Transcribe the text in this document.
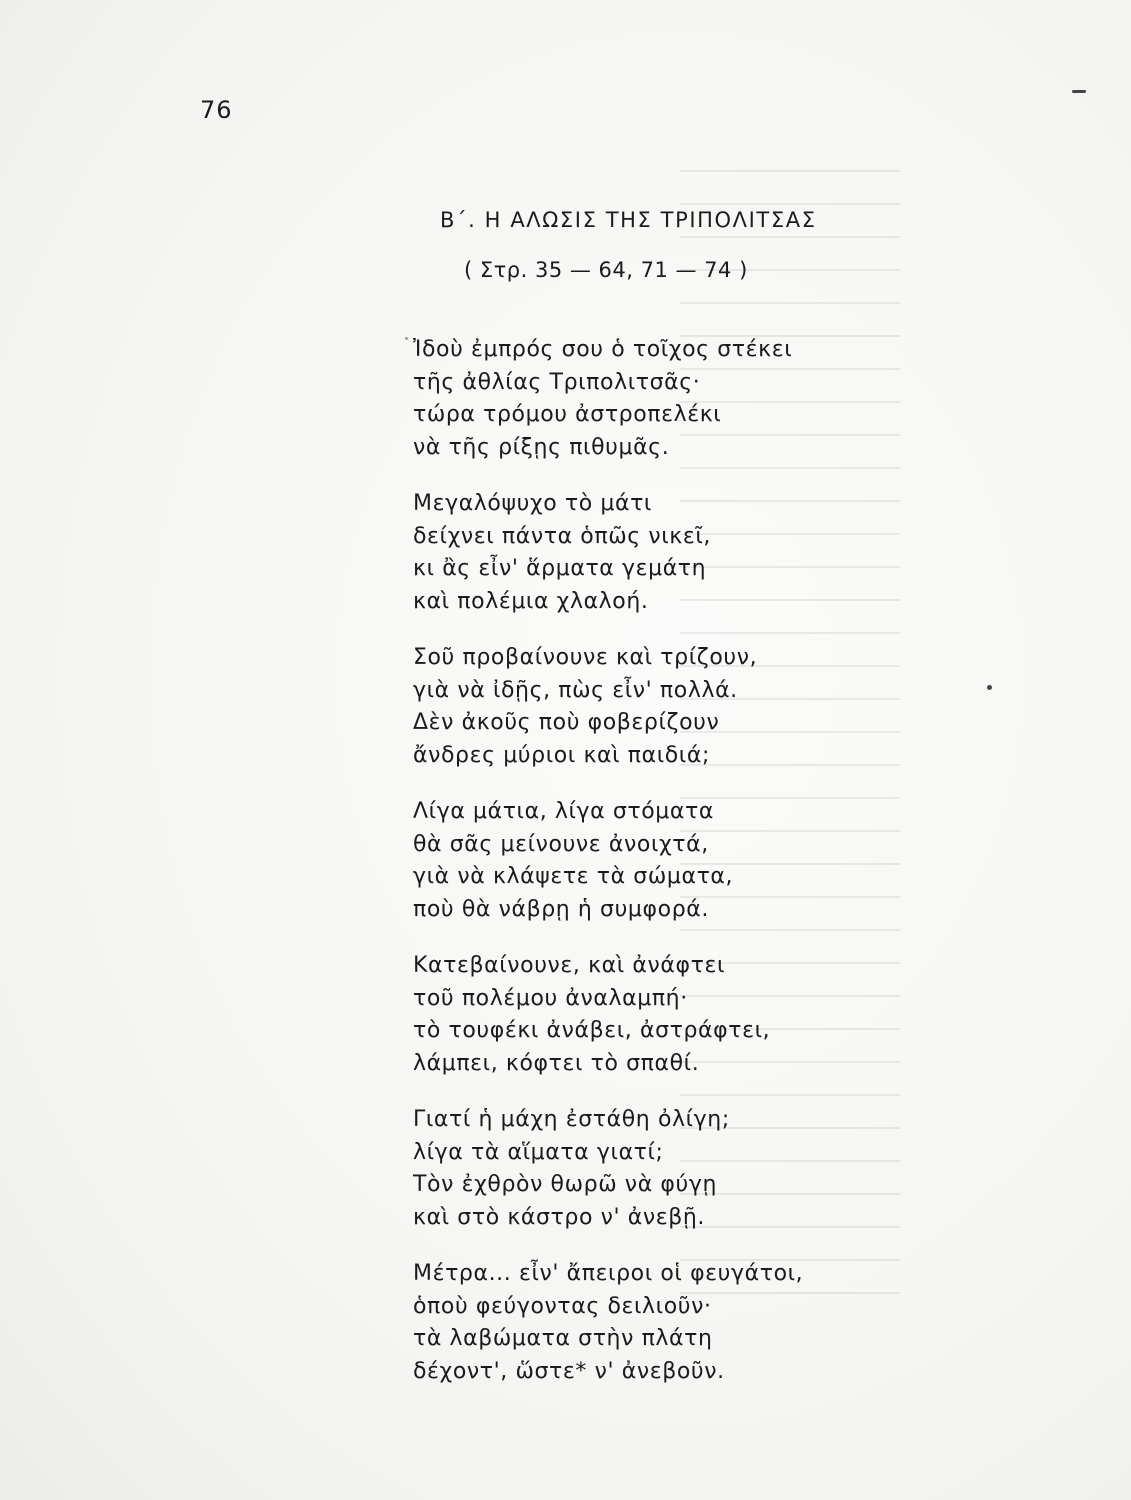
76
Β΄. Η ΑΛΩΣΙΣ ΤΗΣ ΤΡΙΠΟΛΙΤΣΑΣ
( Στρ. 35 — 64, 71 — 74 )
Ἰδοὺ ἐμπρός σου ὁ τοῖχος στέκει
τῆς ἀθλίας Τριπολιτσᾶς·
τώρα τρόμου ἀστροπελέκι
νὰ τῆς ρίξῃς πιθυμᾶς.
Μεγαλόψυχο τὸ μάτι
δείχνει πάντα ὁπῶς νικεῖ,
κι ἂς εἶν' ἅρματα γεμάτη
καὶ πολέμια χλαλοή.
Σοῦ προβαίνουνε καὶ τρίζουν,
γιὰ νὰ ἰδῇς, πὼς εἶν' πολλά.
Δὲν ἀκοῦς ποὺ φοβερίζουν
ἄνδρες μύριοι καὶ παιδιά;
Λίγα μάτια, λίγα στόματα
θὰ σᾶς μείνουνε ἀνοιχτά,
γιὰ νὰ κλάψετε τὰ σώματα,
ποὺ θὰ νάβρῃ ἡ συμφορά.
Κατεβαίνουνε, καὶ ἀνάφτει
τοῦ πολέμου ἀναλαμπή·
τὸ τουφέκι ἀνάβει, ἀστράφτει,
λάμπει, κόφτει τὸ σπαθί.
Γιατί ἡ μάχη ἐστάθη ὀλίγη;
λίγα τὰ αἵματα γιατί;
Τὸν ἐχθρὸν θωρῶ νὰ φύγῃ
καὶ στὸ κάστρο ν' ἀνεβῇ.
Μέτρα... εἶν' ἄπειροι οἱ φευγάτοι,
ὁποὺ φεύγοντας δειλιοῦν·
τὰ λαβώματα στὴν πλάτη
δέχοντ', ὥστε* ν' ἀνεβοῦν.
